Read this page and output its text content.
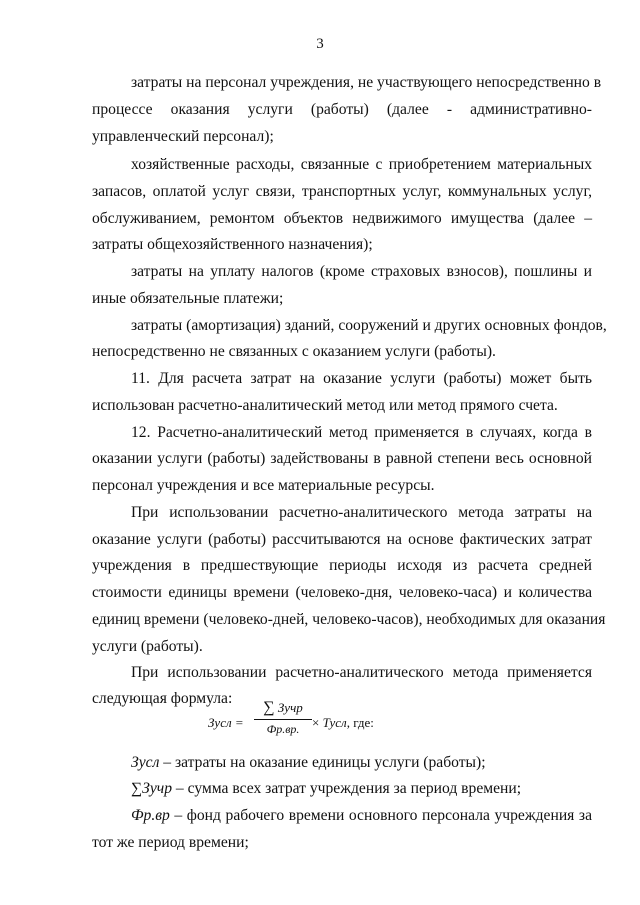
3
затраты на персонал учреждения, не участвующего непосредственно в
процессе оказания услуги (работы) (далее - административно-
управленческий персонал);
хозяйственные расходы, связанные с приобретением материальных
запасов, оплатой услуг связи, транспортных услуг, коммунальных услуг,
обслуживанием, ремонтом объектов недвижимого имущества (далее –
затраты общехозяйственного назначения);
затраты на уплату налогов (кроме страховых взносов), пошлины и
иные обязательные платежи;
затраты (амортизация) зданий, сооружений и других основных фондов,
непосредственно не связанных с оказанием услуги (работы).
11. Для расчета затрат на оказание услуги (работы) может быть
использован расчетно-аналитический метод или метод прямого счета.
12. Расчетно-аналитический метод применяется в случаях, когда в
оказании услуги (работы) задействованы в равной степени весь основной
персонал учреждения и все материальные ресурсы.
При использовании расчетно-аналитического метода затраты на
оказание услуги (работы) рассчитываются на основе фактических затрат
учреждения в предшествующие периоды исходя из расчета средней
стоимости единицы времени (человеко-дня, человеко-часа) и количества
единиц времени (человеко-дней, человеко-часов), необходимых для оказания
услуги (работы).
При использовании расчетно-аналитического метода применяется
следующая формула:
Зусл =
∑ Зучр
Фр.вр. × Тусл, где:
Зусл – затраты на оказание единицы услуги (работы);
∑Зучр – сумма всех затрат учреждения за период времени;
Фр.вр – фонд рабочего времени основного персонала учреждения за
тот же период времени;
